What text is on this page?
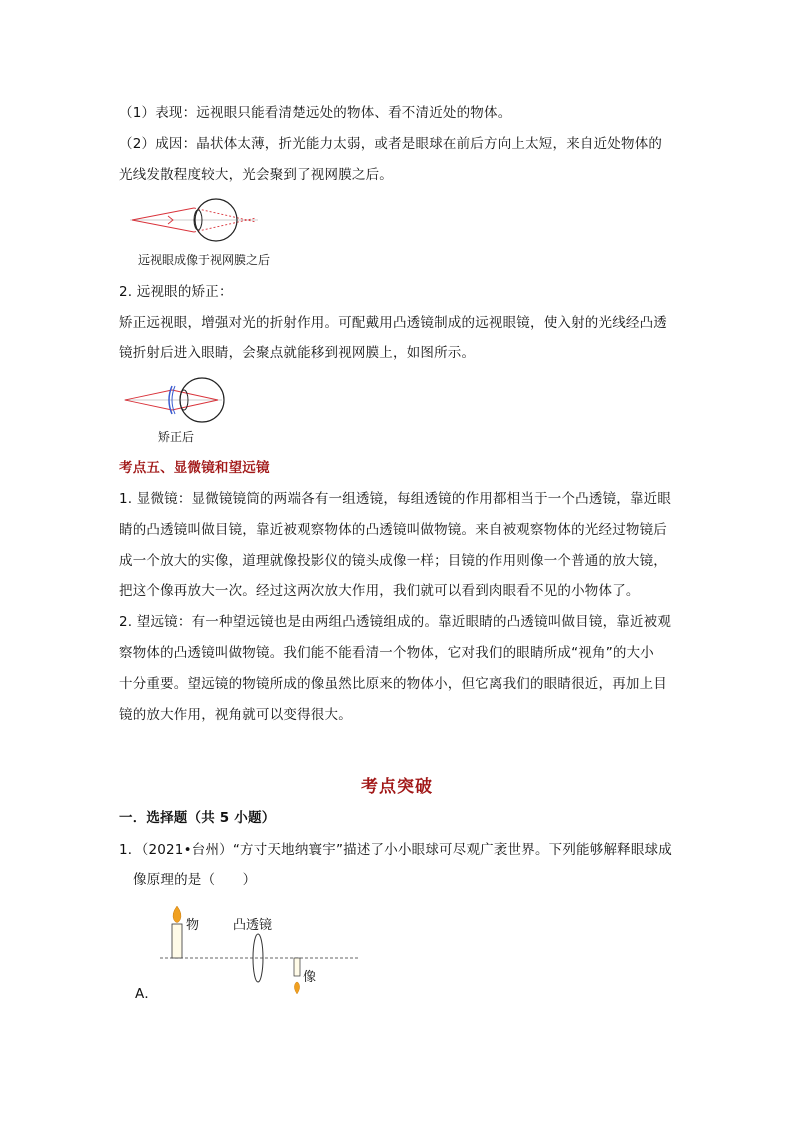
（1）表现：远视眼只能看清楚远处的物体、看不清近处的物体。
（2）成因：晶状体太薄，折光能力太弱，或者是眼球在前后方向上太短，来自近处物体的
光线发散程度较大，光会聚到了视网膜之后。
远视眼成像于视网膜之后
2. 远视眼的矫正：
矫正远视眼，增强对光的折射作用。可配戴用凸透镜制成的远视眼镜，使入射的光线经凸透
镜折射后进入眼睛，会聚点就能移到视网膜上，如图所示。
矫正后
考点五、显微镜和望远镜
1. 显微镜：显微镜镜筒的两端各有一组透镜，每组透镜的作用都相当于一个凸透镜，靠近眼
睛的凸透镜叫做目镜，靠近被观察物体的凸透镜叫做物镜。来自被观察物体的光经过物镜后
成一个放大的实像，道理就像投影仪的镜头成像一样；目镜的作用则像一个普通的放大镜，
把这个像再放大一次。经过这两次放大作用，我们就可以看到肉眼看不见的小物体了。
2. 望远镜：有一种望远镜也是由两组凸透镜组成的。靠近眼睛的凸透镜叫做目镜，靠近被观
察物体的凸透镜叫做物镜。我们能不能看清一个物体，它对我们的眼睛所成“视角”的大小
十分重要。望远镜的物镜所成的像虽然比原来的物体小，但它离我们的眼睛很近，再加上目
镜的放大作用，视角就可以变得很大。
考点突破
一．选择题（共 5 小题）
1．（2021•台州）“方寸天地纳寰宇”描述了小小眼球可尽观广袤世界。下列能够解释眼球成
像原理的是（　　）
物	凸透镜
像
A．
